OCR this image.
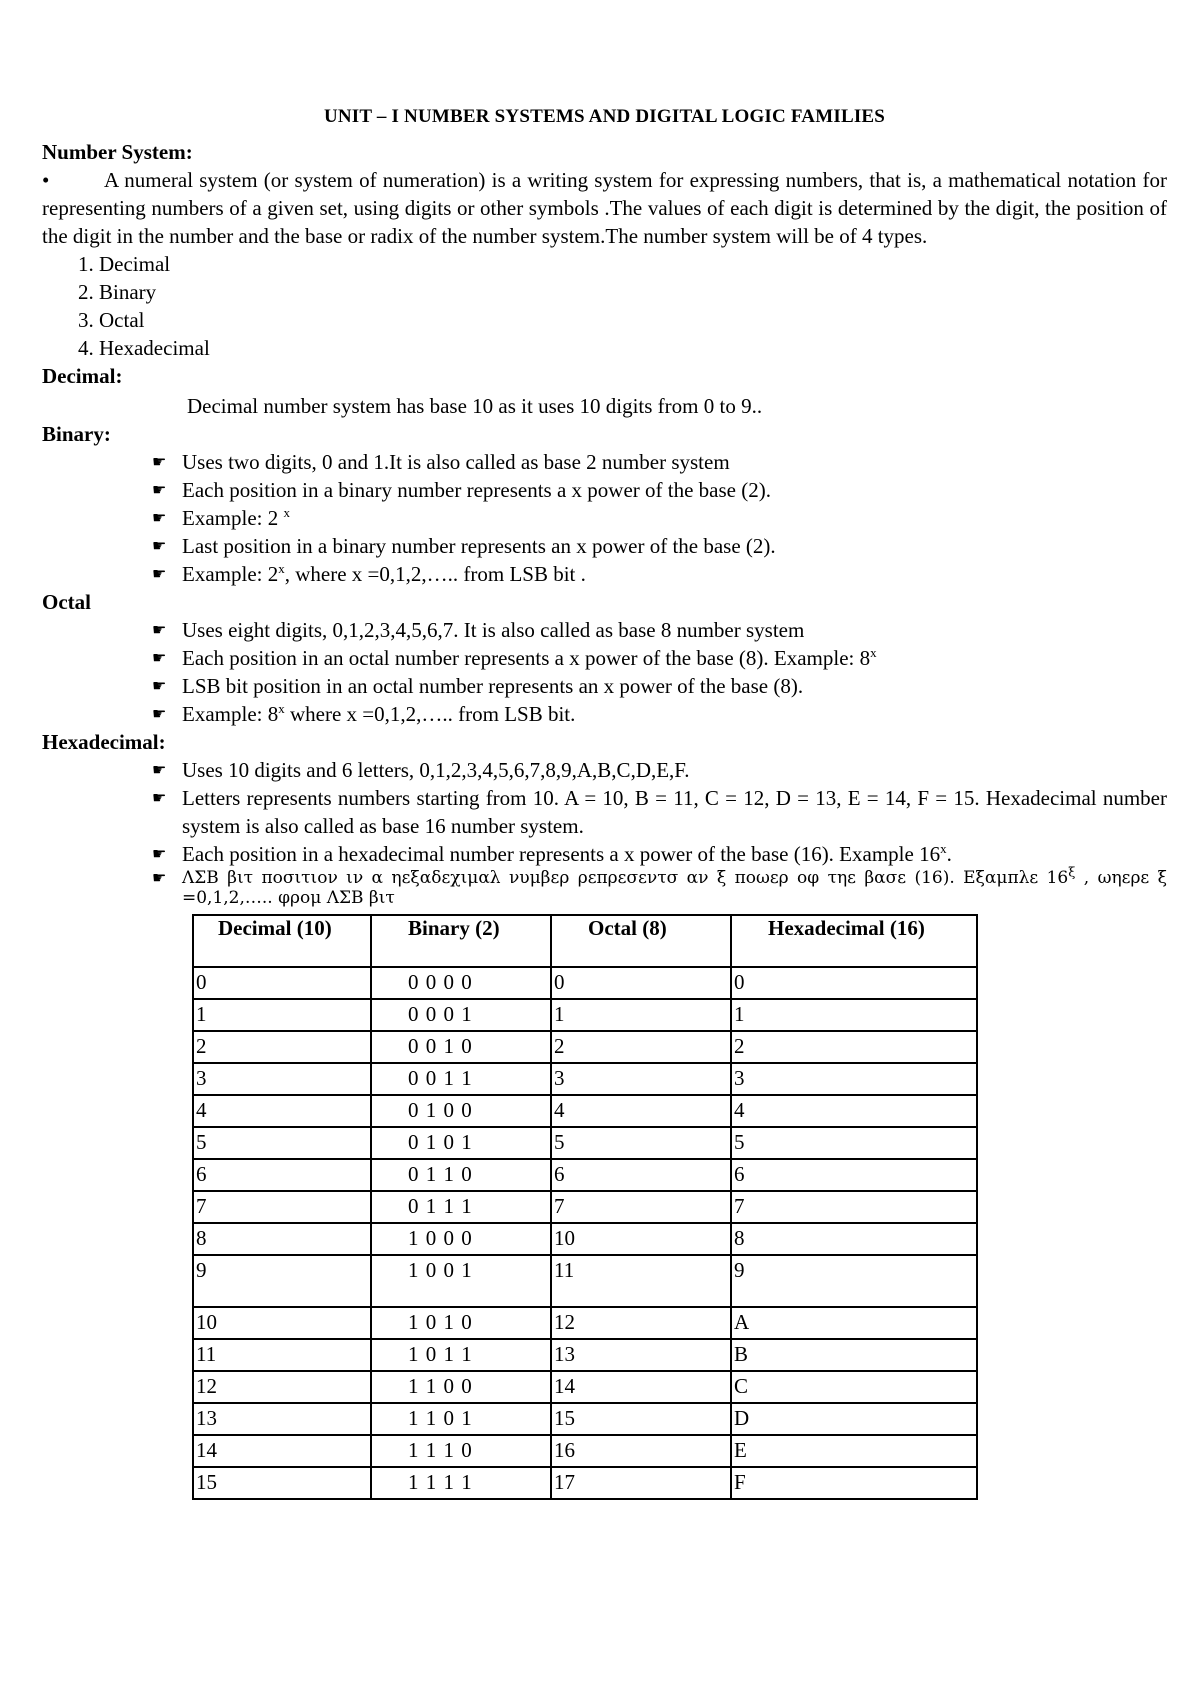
UNIT – I NUMBER SYSTEMS AND DIGITAL LOGIC FAMILIES
Number System:

•	A numeral system (or system of numeration) is a writing system for expressing numbers, that is, a mathematical notation for representing numbers of a given set, using digits or other symbols .The values of each digit is determined by the digit, the position of the digit in the number and the base or radix of the number system.The number system will be of 4 types.

1. Decimal
2. Binary
3. Octal
4. Hexadecimal
Decimal:

Decimal number system has base 10 as it uses 10 digits from 0 to 9..

Binary:
☛ Uses two digits, 0 and 1.It is also called as base 2 number system
☛ Each position in a binary number represents a x power of the base (2).
☛ Example: 2 $^x$
☛ Last position in a binary number represents an x power of the base (2).
☛ Example: 2$^x$, where x =0,1,2,….. from LSB bit .
Octal
☛ Uses eight digits, 0,1,2,3,4,5,6,7. It is also called as base 8 number system
☛ Each position in an octal number represents a x power of the base (8). Example: 8$^x$
☛ LSB bit position in an octal number represents an x power of the base (8).
☛ Example: 8$^x$ where x =0,1,2,….. from LSB bit.
Hexadecimal:
☛ Uses 10 digits and 6 letters, 0,1,2,3,4,5,6,7,8,9,A,B,C,D,E,F.
☛ Letters represents numbers starting from 10. A = 10, B = 11, C = 12, D = 13, E = 14, F = 15. Hexadecimal number system is also called as base 16 number system.
☛ Each position in a hexadecimal number represents a x power of the base (16). Example 16$^x$.
☛ ΛΣΒ βιτ ποσιτιον ιν α ηεξαδεχιμαλ νυμβερ ρεπρεσεντσ αν ξ ποωερ οφ τηε βασε (16). Εξαμπλε $16^\xi$ , ωηερε ξ =0,1,2,….. φρομ ΛΣΒ βιτ
Decimal (10)	Binary (2)	Octal (8)	Hexadecimal (16)
0	0 0 0 0	0	0
1	0 0 0 1	1	1
2	0 0 1 0	2	2
3	0 0 1 1	3	3
4	0 1 0 0	4	4
5	0 1 0 1	5	5
6	0 1 1 0	6	6
7	0 1 1 1	7	7
8	1 0 0 0	10	8
9	1 0 0 1	11	9
10	1 0 1 0	12	A
11	1 0 1 1	13	B
12	1 1 0 0	14	C
13	1 1 0 1	15	D
14	1 1 1 0	16	E
15	1 1 1 1	17	F
